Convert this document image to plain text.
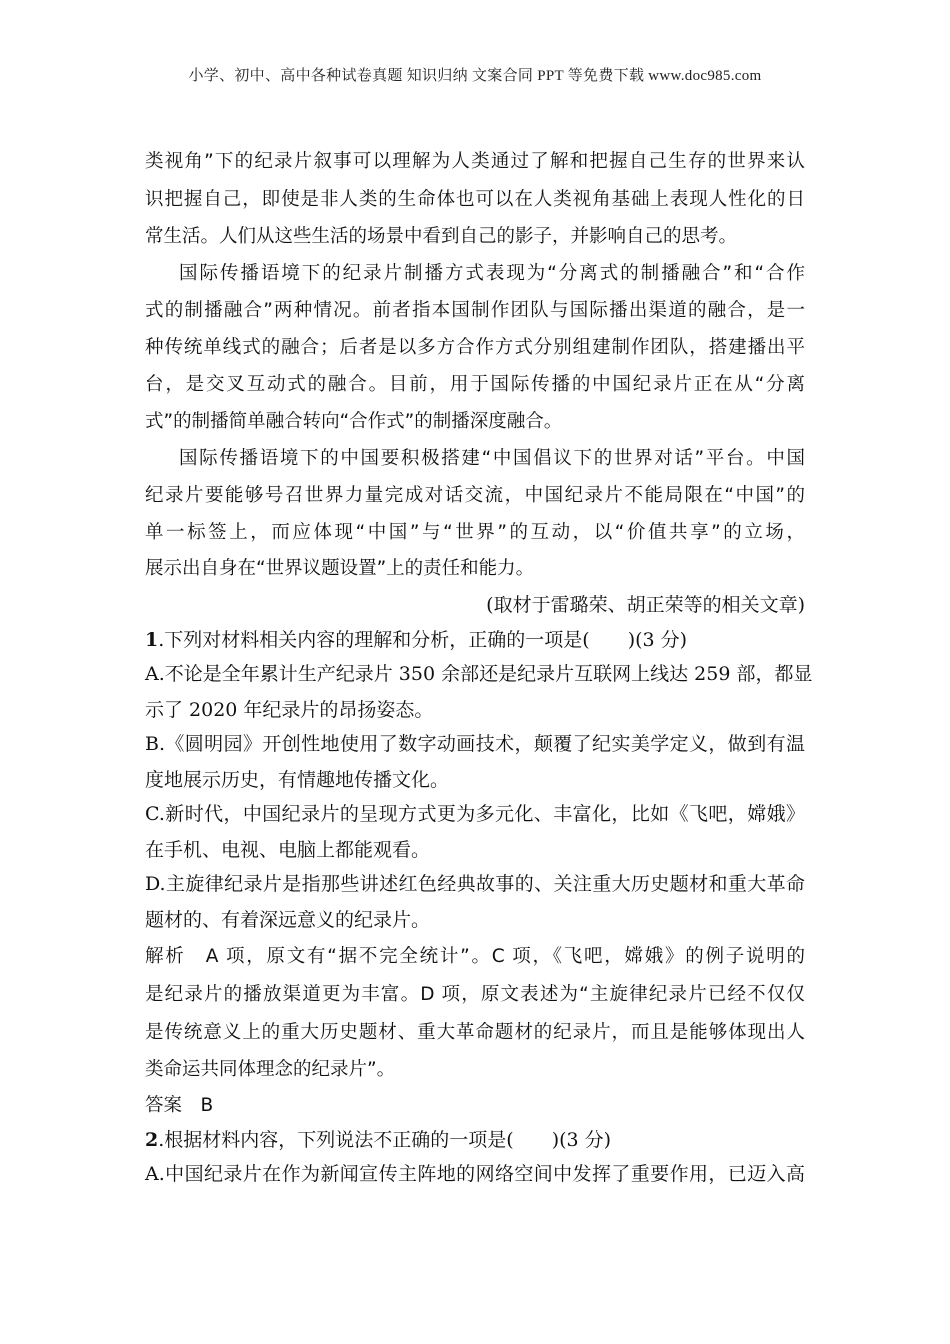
小学、初中、高中各种试卷真题 知识归纳 文案合同 PPT 等免费下载 www.doc985.com
类视角”下的纪录片叙事可以理解为人类通过了解和把握自己生存的世界来认
识把握自己，即使是非人类的生命体也可以在人类视角基础上表现人性化的日
常生活。人们从这些生活的场景中看到自己的影子，并影响自己的思考。
国际传播语境下的纪录片制播方式表现为“分离式的制播融合”和“合作
式的制播融合”两种情况。前者指本国制作团队与国际播出渠道的融合，是一
种传统单线式的融合；后者是以多方合作方式分别组建制作团队，搭建播出平
台，是交叉互动式的融合。目前，用于国际传播的中国纪录片正在从“分离
式”的制播简单融合转向“合作式”的制播深度融合。
国际传播语境下的中国要积极搭建“中国倡议下的世界对话”平台。中国
纪录片要能够号召世界力量完成对话交流，中国纪录片不能局限在“中国”的
单一标签上，而应体现“中国”与“世界”的互动，以“价值共享”的立场，
展示出自身在“世界议题设置”上的责任和能力。
(取材于雷璐荣、胡正荣等的相关文章)
1.下列对材料相关内容的理解和分析，正确的一项是(　　)(3 分)
A.不论是全年累计生产纪录片 350 余部还是纪录片互联网上线达 259 部，都显
示了 2020 年纪录片的昂扬姿态。
B.《圆明园》开创性地使用了数字动画技术，颠覆了纪实美学定义，做到有温
度地展示历史，有情趣地传播文化。
C.新时代，中国纪录片的呈现方式更为多元化、丰富化，比如《飞吧，嫦娥》
在手机、电视、电脑上都能观看。
D.主旋律纪录片是指那些讲述红色经典故事的、关注重大历史题材和重大革命
题材的、有着深远意义的纪录片。
解析　A 项，原文有“据不完全统计”。C 项，《飞吧，嫦娥》的例子说明的
是纪录片的播放渠道更为丰富。D 项，原文表述为“主旋律纪录片已经不仅仅
是传统意义上的重大历史题材、重大革命题材的纪录片，而且是能够体现出人
类命运共同体理念的纪录片”。
答案　B
2.根据材料内容，下列说法不正确的一项是(　　)(3 分)
A.中国纪录片在作为新闻宣传主阵地的网络空间中发挥了重要作用，已迈入高
